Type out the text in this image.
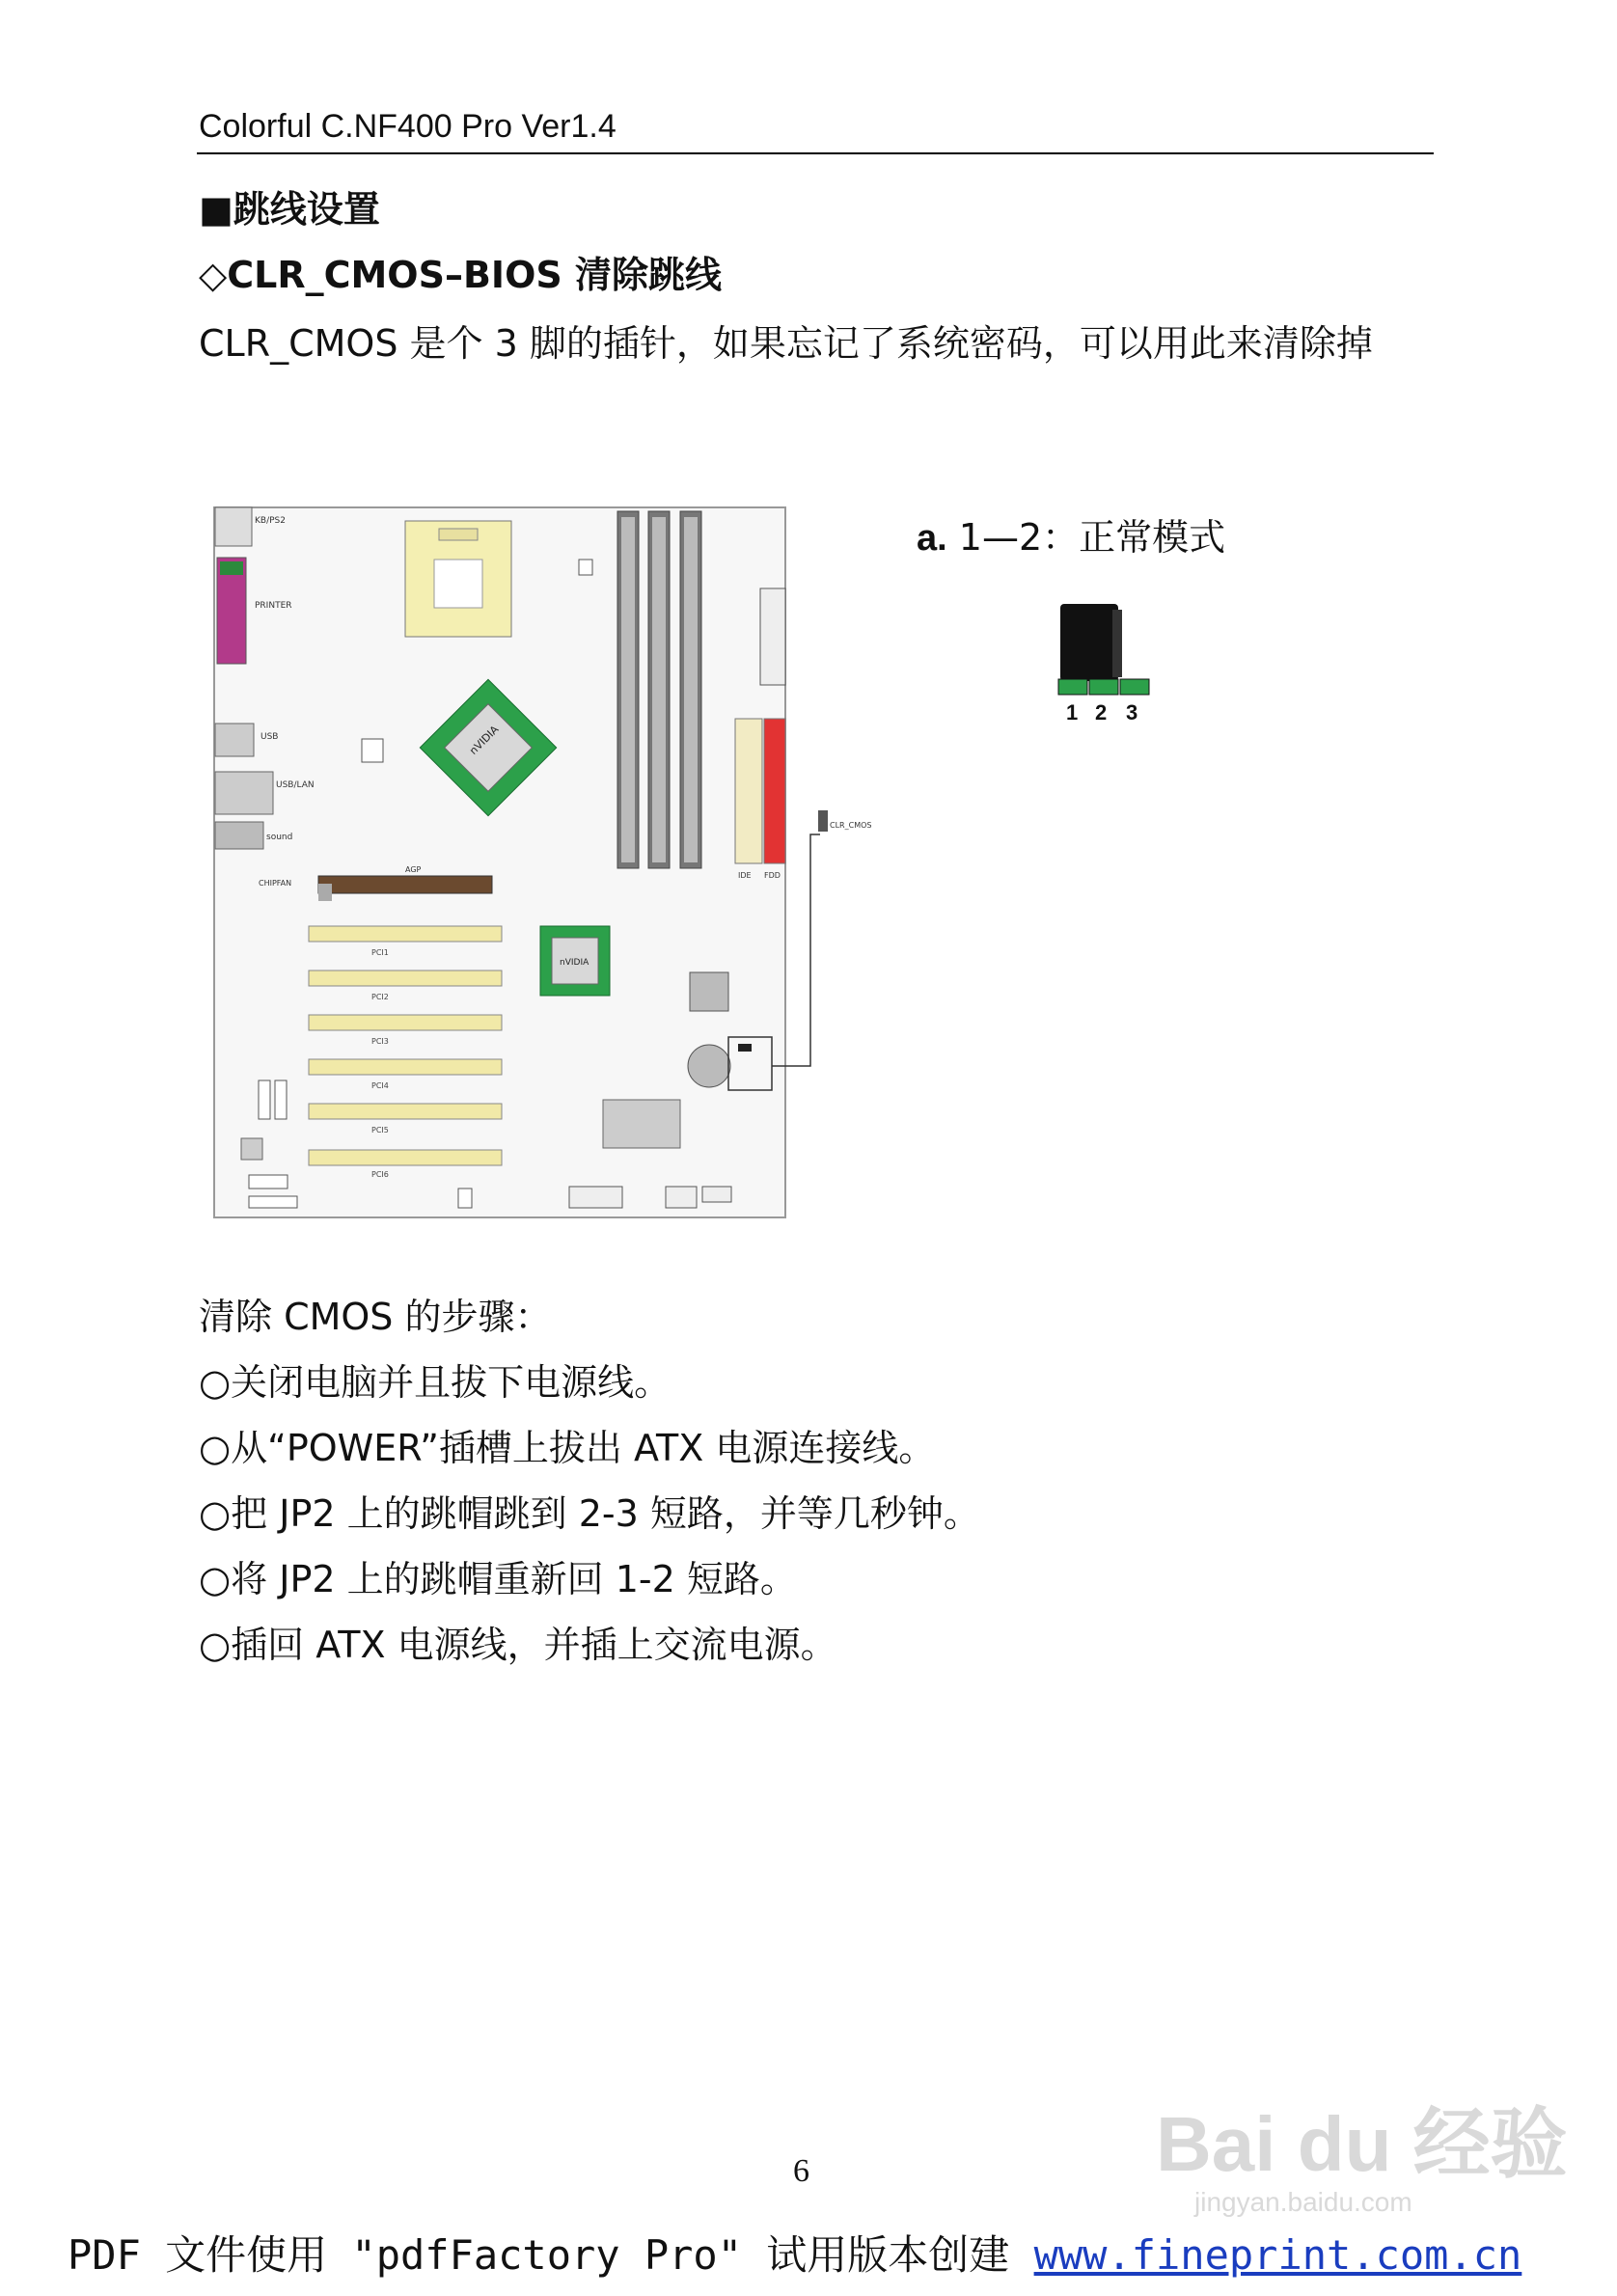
Colorful C.NF400 Pro Ver1.4
■跳线设置
◇CLR_CMOS–BIOS 清除跳线
CLR_CMOS 是个 3 脚的插针，如果忘记了系统密码，可以用此来清除掉
KB/PS2
PRINTER
USB
USB/LAN
sound
nVIDIA
IDE FDD
AGP
CHIPFAN
PCI1
PCI2
PCI3
PCI4
PCI5
PCI6
nVIDIA
CLR_CMOS
a. 1—2：正常模式
1 2 3
清除 CMOS 的步骤：
○关闭电脑并且拔下电源线。
○从“POWER”插槽上拔出 ATX 电源连接线。
○把 JP2 上的跳帽跳到 2-3 短路，并等几秒钟。
○将 JP2 上的跳帽重新回 1-2 短路。
○插回 ATX 电源线，并插上交流电源。
6
PDF 文件使用 "pdfFactory Pro" 试用版本创建 www.fineprint.com.cn
Bai du 经验
jingyan.baidu.com
